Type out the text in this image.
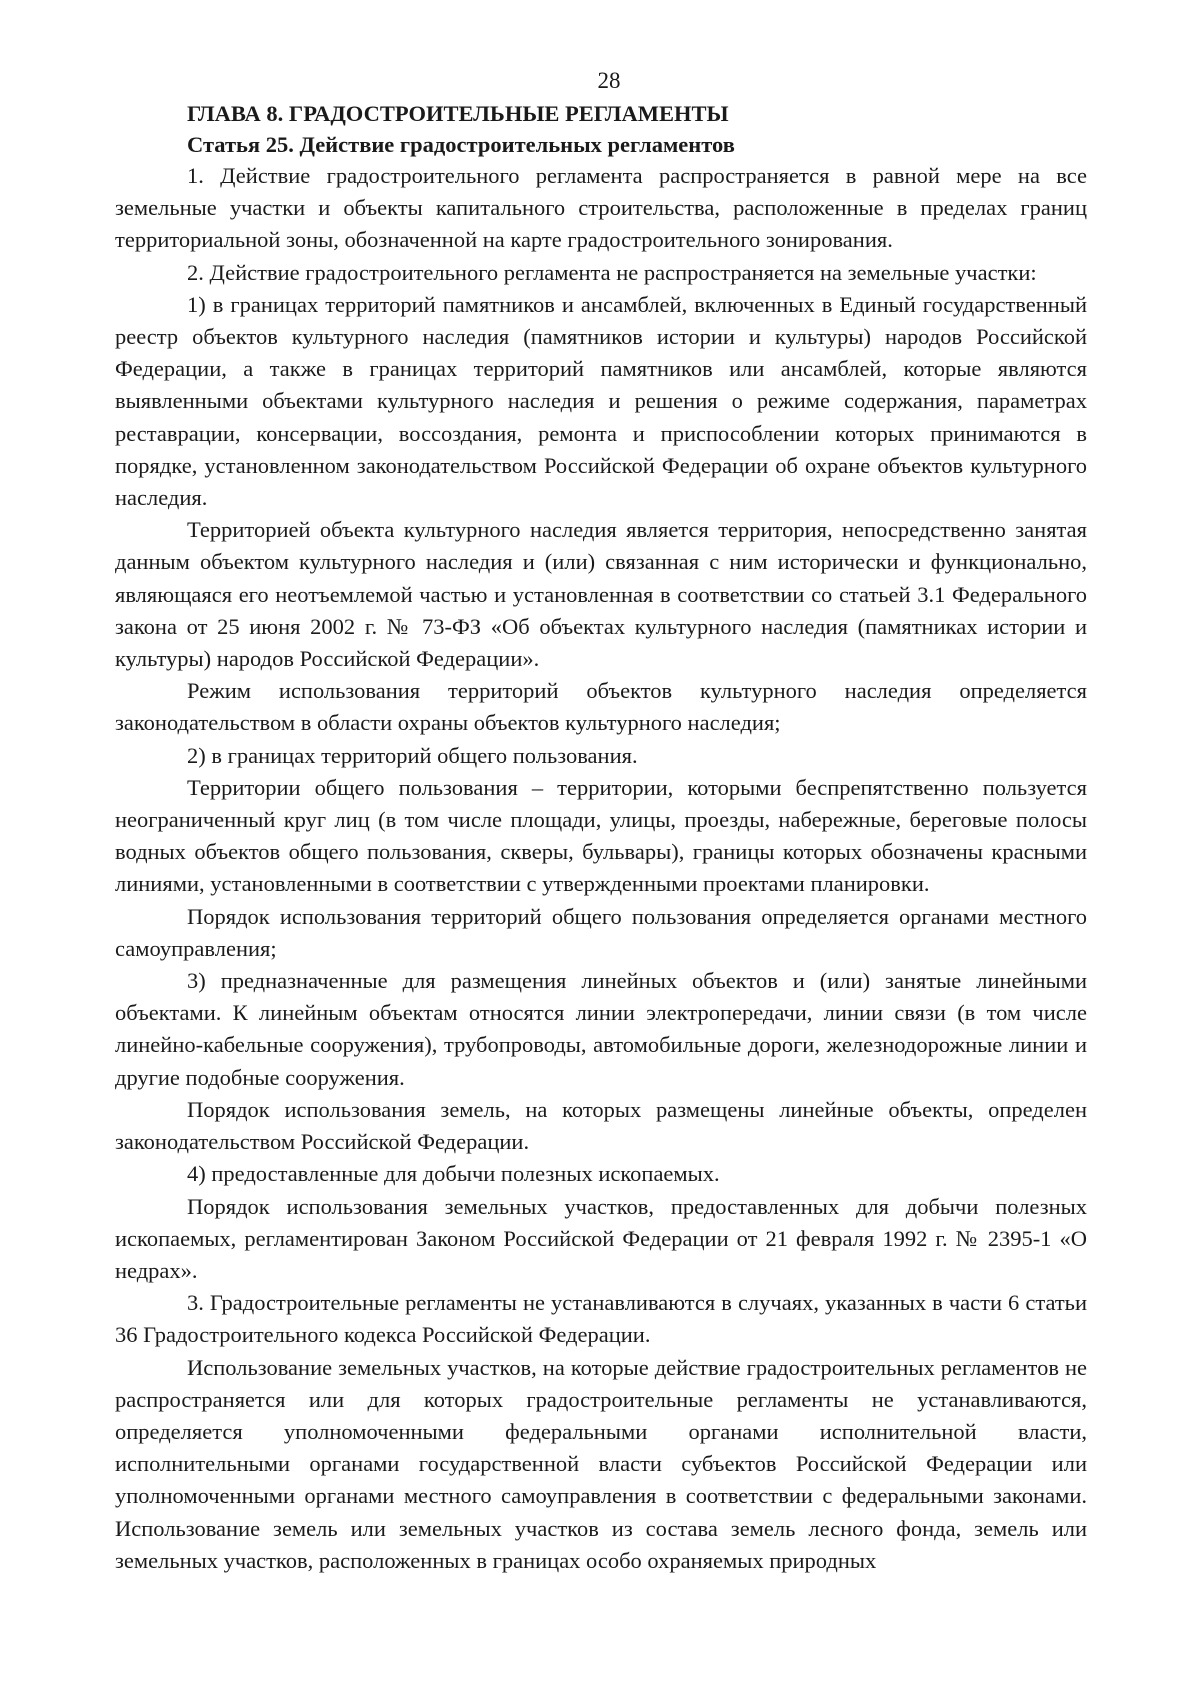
28
ГЛАВА 8. ГРАДОСТРОИТЕЛЬНЫЕ РЕГЛАМЕНТЫ
Статья 25. Действие градостроительных регламентов

1. Действие градостроительного регламента распространяется в равной мере на все земельные участки и объекты капитального строительства, расположенные в пределах границ территориальной зоны, обозначенной на карте градостроительного зонирования.

2. Действие градостроительного регламента не распространяется на земельные участки:

1) в границах территорий памятников и ансамблей, включенных в Единый государственный реестр объектов культурного наследия (памятников истории и культуры) народов Российской Федерации, а также в границах территорий памятников или ансамблей, которые являются выявленными объектами культурного наследия и решения о режиме содержания, параметрах реставрации, консервации, воссоздания, ремонта и приспособлении которых принимаются в порядке, установленном законодательством Российской Федерации об охране объектов культурного наследия.

Территорией объекта культурного наследия является территория, непосредственно занятая данным объектом культурного наследия и (или) связанная с ним исторически и функционально, являющаяся его неотъемлемой частью и установленная в соответствии со статьей 3.1 Федерального закона от 25 июня 2002 г. № 73-ФЗ «Об объектах культурного наследия (памятниках истории и культуры) народов Российской Федерации».

Режим использования территорий объектов культурного наследия определяется законодательством в области охраны объектов культурного наследия;

2) в границах территорий общего пользования.

Территории общего пользования – территории, которыми беспрепятственно пользуется неограниченный круг лиц (в том числе площади, улицы, проезды, набережные, береговые полосы водных объектов общего пользования, скверы, бульвары), границы которых обозначены красными линиями, установленными в соответствии с утвержденными проектами планировки.

Порядок использования территорий общего пользования определяется органами местного самоуправления;

3) предназначенные для размещения линейных объектов и (или) занятые линейными объектами. К линейным объектам относятся линии электропередачи, линии связи (в том числе линейно-кабельные сооружения), трубопроводы, автомобильные дороги, железнодорожные линии и другие подобные сооружения.

Порядок использования земель, на которых размещены линейные объекты, определен законодательством Российской Федерации.

4) предоставленные для добычи полезных ископаемых.

Порядок использования земельных участков, предоставленных для добычи полезных ископаемых, регламентирован Законом Российской Федерации от 21 февраля 1992 г. № 2395-1 «О недрах».

3. Градостроительные регламенты не устанавливаются в случаях, указанных в части 6 статьи 36 Градостроительного кодекса Российской Федерации.

Использование земельных участков, на которые действие градостроительных регламентов не распространяется или для которых градостроительные регламенты не устанавливаются, определяется уполномоченными федеральными органами исполнительной власти, исполнительными органами государственной власти субъектов Российской Федерации или уполномоченными органами местного самоуправления в соответствии с федеральными законами. Использование земель или земельных участков из состава земель лесного фонда, земель или земельных участков, расположенных в границах особо охраняемых природных
